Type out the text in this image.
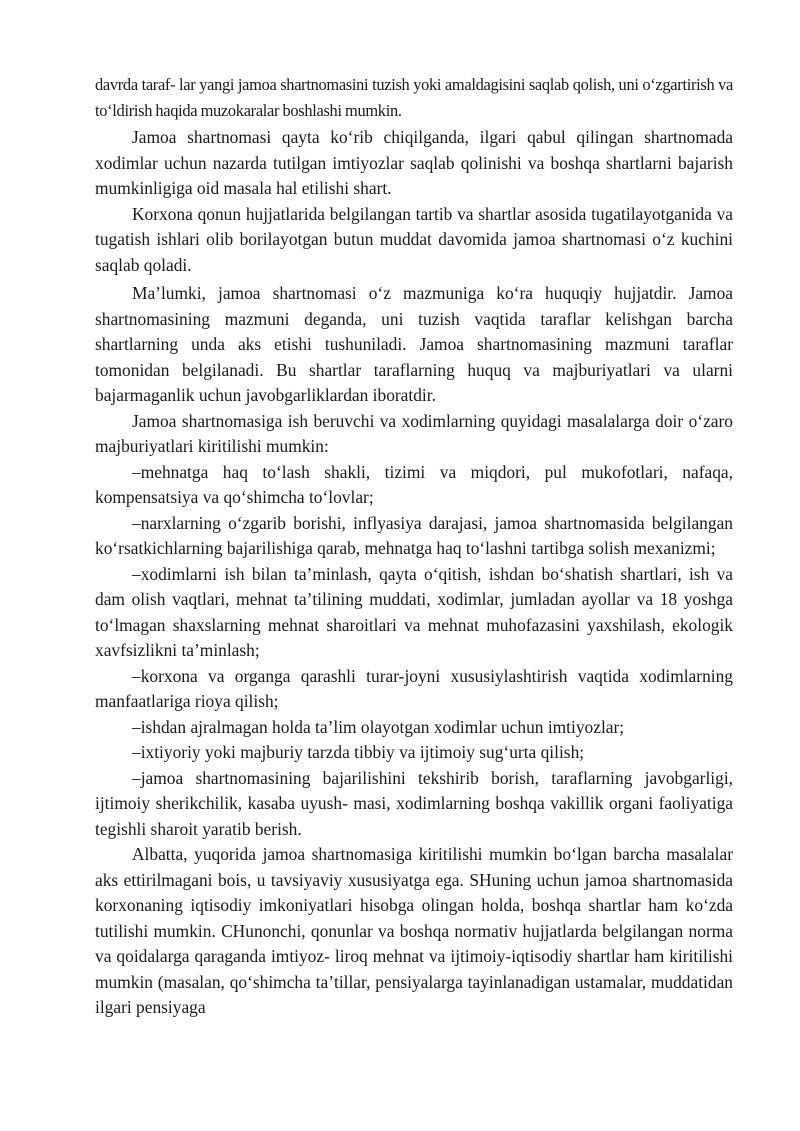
davrda taraf- lar yangi jamoa shartnomasini tuzish yoki amaldagisini saqlab qolish, uni oʻzgartirish va toʻldirish haqida muzokaralar boshlashi mumkin.

Jamoa shartnomasi qayta koʻrib chiqilganda, ilgari qabul qilingan shartnomada xodimlar uchun nazarda tutilgan imtiyozlar saqlab qolinishi va boshqa shartlarni bajarish mumkinligiga oid masala hal etilishi shart.

Korxona qonun hujjatlarida belgilangan tartib va shartlar asosida tugatilayotganida va tugatish ishlari olib borilayotgan butun muddat davomida jamoa shartnomasi oʻz kuchini saqlab qoladi.

Maʼlumki, jamoa shartnomasi oʻz mazmuniga koʻra huquqiy hujjatdir. Jamoa shartnomasining mazmuni deganda, uni tuzish vaqtida taraflar kelishgan barcha shartlarning unda aks etishi tushuniladi. Jamoa shartnomasining mazmuni taraflar tomonidan belgilanadi. Bu shartlar taraflarning huquq va majburiyatlari va ularni bajarmaganlik uchun javobgarliklardan iboratdir.

Jamoa shartnomasiga ish beruvchi va xodimlarning quyidagi masalalarga doir oʻzaro majburiyatlari kiritilishi mumkin:

–mehnatga haq toʻlash shakli, tizimi va miqdori, pul mukofotlari, nafaqa, kompensatsiya va qoʻshimcha toʻlovlar;

–narxlarning oʻzgarib borishi, inflyasiya darajasi, jamoa shartnomasida belgilangan koʻrsatkichlarning bajarilishiga qarab, mehnatga haq toʻlashni tartibga solish mexanizmi;

–xodimlarni ish bilan taʼminlash, qayta oʻqitish, ishdan boʻshatish shartlari, ish va dam olish vaqtlari, mehnat taʼtilining muddati, xodimlar, jumladan ayollar va 18 yoshga toʻlmagan shaxslarning mehnat sharoitlari va mehnat muhofazasini yaxshilash, ekologik xavfsizlikni taʼminlash;

–korxona va organga qarashli turar-joyni xususiylashtirish vaqtida xodimlarning manfaatlariga rioya qilish;

–ishdan ajralmagan holda taʼlim olayotgan xodimlar uchun imtiyozlar;

–ixtiyoriy yoki majburiy tarzda tibbiy va ijtimoiy sugʻurta qilish;

–jamoa shartnomasining bajarilishini tekshirib borish, taraflarning javobgarligi, ijtimoiy sherikchilik, kasaba uyush- masi, xodimlarning boshqa vakillik organi faoliyatiga tegishli sharoit yaratib berish.

Albatta, yuqorida jamoa shartnomasiga kiritilishi mumkin boʻlgan barcha masalalar aks ettirilmagani bois, u tavsiyaviy xususiyatga ega. SHuning uchun jamoa shartnomasida korxonaning iqtisodiy imkoniyatlari hisobga olingan holda, boshqa shartlar ham koʻzda tutilishi mumkin. CHunonchi, qonunlar va boshqa normativ hujjatlarda belgilangan norma va qoidalarga qaraganda imtiyoz- liroq mehnat va ijtimoiy-iqtisodiy shartlar ham kiritilishi mumkin (masalan, qoʻshimcha taʼtillar, pensiyalarga tayinlanadigan ustamalar, muddatidan ilgari pensiyaga
